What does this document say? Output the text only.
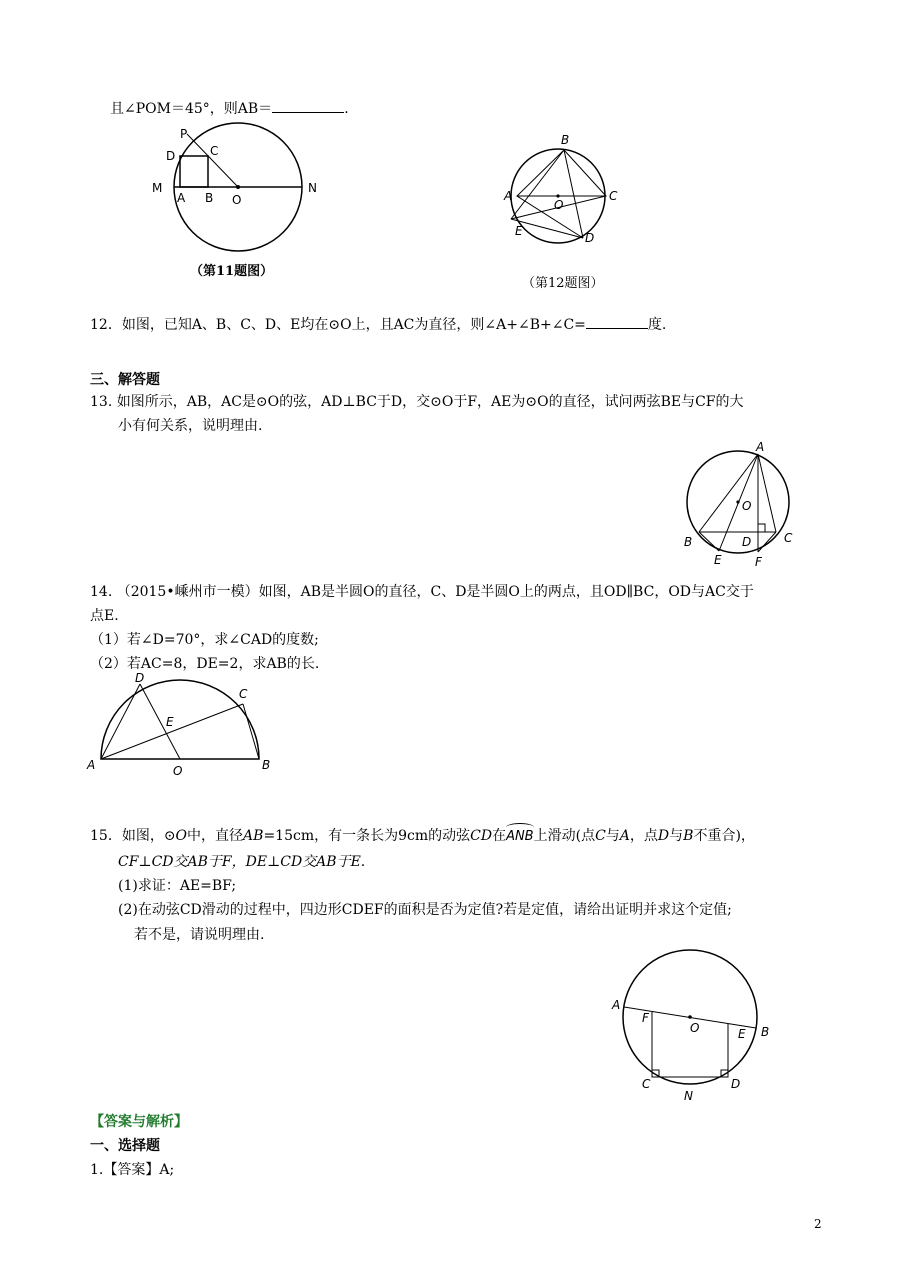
且∠POM＝45°，则AB＝	.
P
C
D
M
A B O
N
（第11题图）
B
A	C
O
E	D
（第12题图）
12．如图，已知A、B、C、D、E均在⊙O上，且AC为直径，则∠A+∠B+∠C=	度.
三、解答题
13. 如图所示，AB，AC是⊙O的弦，AD⊥BC于D，交⊙O于F，AE为⊙O的直径，试问两弦BE与CF的大
小有何关系，说明理由.
A
O
B
E
D
F
C
14. （2015•嵊州市一模）如图，AB是半圆O的直径，C、D是半圆O上的两点，且OD∥BC，OD与AC交于
点E.
（1）若∠D=70°，求∠CAD的度数;
（2）若AC=8，DE=2，求AB的长.
D
C
E
A	O	B
15．如图，⊙O中，直径AB=15cm，有一条长为9cm的动弦CD在ANB上滑动(点C与A，点D与B不重合)，
CF⊥CD交AB于F，DE⊥CD交AB于E.
(1)求证：AE=BF;
(2)在动弦CD滑动的过程中，四边形CDEF的面积是否为定值?若是定值，请给出证明并求这个定值;
若不是，请说明理由.
A
F
O	E B
C
N
D
【答案与解析】
一、选择题
1.【答案】A;
2
